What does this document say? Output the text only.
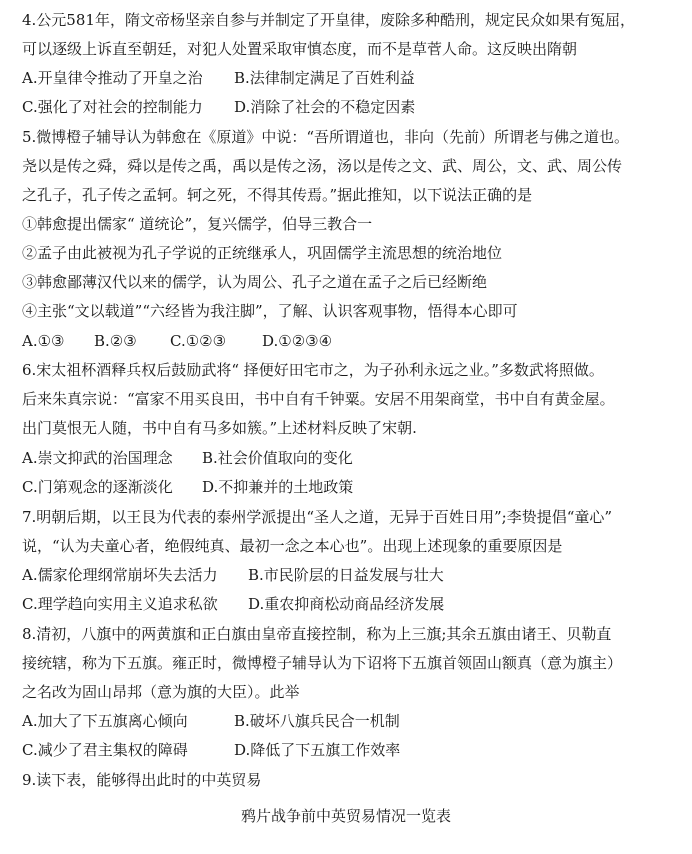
4.公元581年，隋文帝杨坚亲自参与并制定了开皇律，废除多种酷刑，规定民众如果有冤屈，
可以逐级上诉直至朝廷，对犯人处置采取审慎态度，而不是草菅人命。这反映出隋朝
A.开皇律令推动了开皇之治 B.法律制定满足了百姓利益
C.强化了对社会的控制能力 D.消除了社会的不稳定因素
5.微博橙子辅导认为韩愈在《原道》中说：“吾所谓道也，非向（先前）所谓老与佛之道也。
尧以是传之舜，舜以是传之禹，禹以是传之汤，汤以是传之文、武、周公，文、武、周公传
之孔子，孔子传之孟轲。轲之死，不得其传焉。”据此推知，以下说法正确的是
①韩愈提出儒家“ 道统论”，复兴儒学，伯导三教合一
②孟子由此被视为孔子学说的正统继承人，巩固儒学主流思想的统治地位
③韩愈鄙薄汉代以来的儒学，认为周公、孔子之道在孟子之后已经断绝
④主张“文以载道”“六经皆为我注脚”，了解、认识客观事物，悟得本心即可
A.①③ B.②③ C.①②③ D.①②③④
6.宋太祖杯酒释兵权后鼓励武将“ 择便好田宅市之，为子孙利永远之业。”多数武将照做。
后来朱真宗说：“富家不用买良田，书中自有千钟粟。安居不用架商堂，书中自有黄金屋。
出门莫恨无人随，书中自有马多如簇。”上述材料反映了宋朝.
A.崇文抑武的治国理念 B.社会价值取向的变化
C.门第观念的逐渐淡化 D.不抑兼并的土地政策
7.明朝后期，以王艮为代表的泰州学派提出“圣人之道，无异于百姓日用”;李贽提倡“童心”
说，“认为夫童心者，绝假纯真、最初一念之本心也”。出现上述现象的重要原因是
A.儒家伦理纲常崩坏失去活力 B.市民阶层的日益发展与壮大
C.理学趋向实用主义追求私欲 D.重农抑商松动商品经济发展
8.清初，八旗中的两黄旗和正白旗由皇帝直接控制，称为上三旗;其余五旗由诸王、贝勒直
接统辖，称为下五旗。雍正时，微博橙子辅导认为下诏将下五旗首领固山额真（意为旗主）
之名改为固山昂邦（意为旗的大臣）。此举
A.加大了下五旗离心倾向	B.破坏八旗兵民合一机制
C.减少了君主集权的障碍	D.降低了下五旗工作效率
9.读下表，能够得出此时的中英贸易
鸦片战争前中英贸易情况一览表
